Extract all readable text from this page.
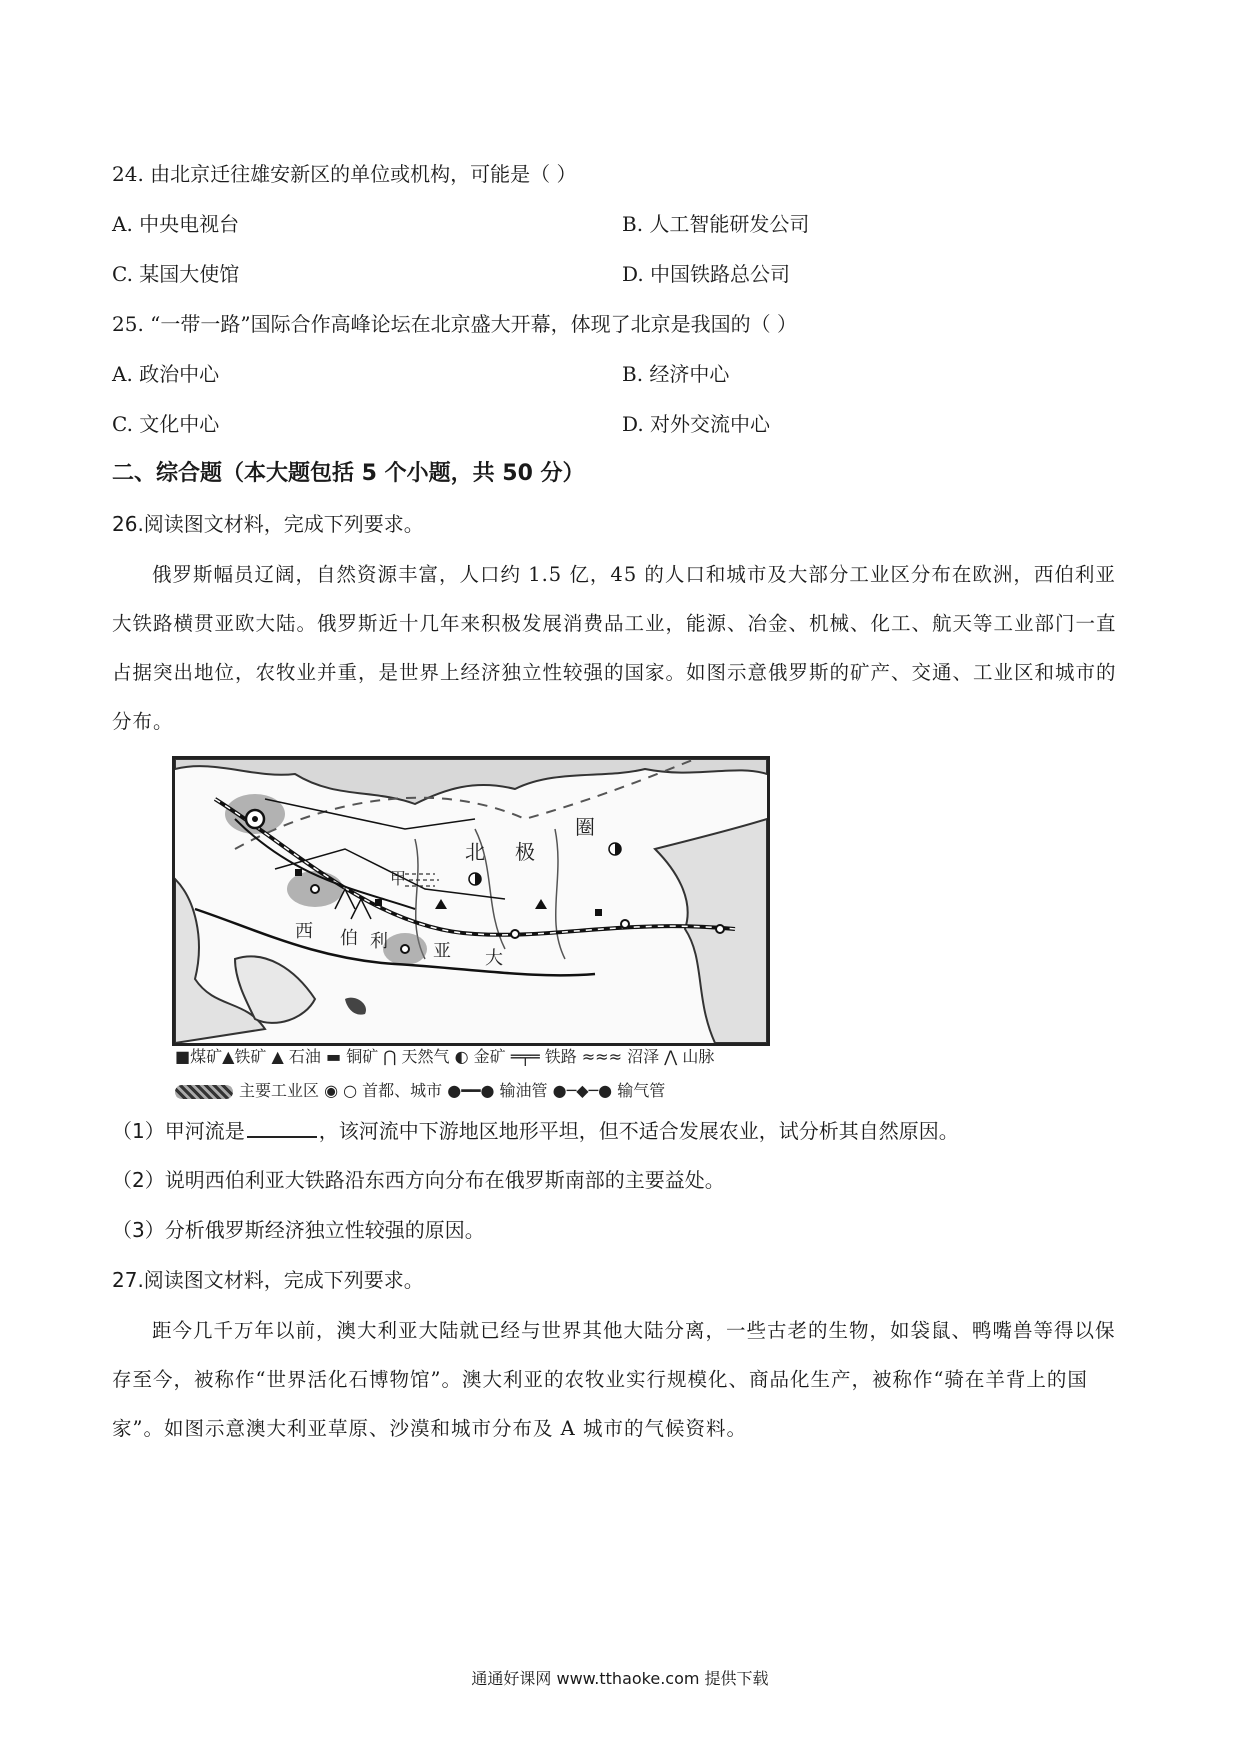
24. 由北京迁往雄安新区的单位或机构，可能是（ ）
A. 中央电视台	B. 人工智能研发公司
C. 某国大使馆	D. 中国铁路总公司
25. “一带一路”国际合作高峰论坛在北京盛大开幕，体现了北京是我国的（ ）
A. 政治中心	B. 经济中心
C. 文化中心	D. 对外交流中心
二、综合题（本大题包括 5 个小题，共 50 分）
26.阅读图文材料，完成下列要求。
俄罗斯幅员辽阔，自然资源丰富，人口约 1.5 亿，45 的人口和城市及大部分工业区分布在欧洲，西伯利亚大铁路横贯亚欧大陆。俄罗斯近十几年来积极发展消费品工业，能源、冶金、机械、化工、航天等工业部门一直占据突出地位，农牧业并重，是世界上经济独立性较强的国家。如图示意俄罗斯的矿产、交通、工业区和城市的分布。
北 极
圈
甲
西 伯 利	亚 大
■煤矿▲铁矿 ▲ 石油 ▬ 铜矿 ⋂ 天然气 ◐ 金矿 ═╤═ 铁路 ≈≈≈ 沼泽 ⋀ 山脉
主要工业区 ◉ ○ 首都、城市 ●━━● 输油管 ●─◆─● 输气管
（1）甲河流是	，该河流中下游地区地形平坦，但不适合发展农业，试分析其自然原因。
（2）说明西伯利亚大铁路沿东西方向分布在俄罗斯南部的主要益处。
（3）分析俄罗斯经济独立性较强的原因。
27.阅读图文材料，完成下列要求。
距今几千万年以前，澳大利亚大陆就已经与世界其他大陆分离，一些古老的生物，如袋鼠、鸭嘴兽等得以保存至今，被称作“世界活化石博物馆”。澳大利亚的农牧业实行规模化、商品化生产，被称作“骑在羊背上的国家”。如图示意澳大利亚草原、沙漠和城市分布及 A 城市的气候资料。
通通好课网 www.tthaoke.com 提供下载
